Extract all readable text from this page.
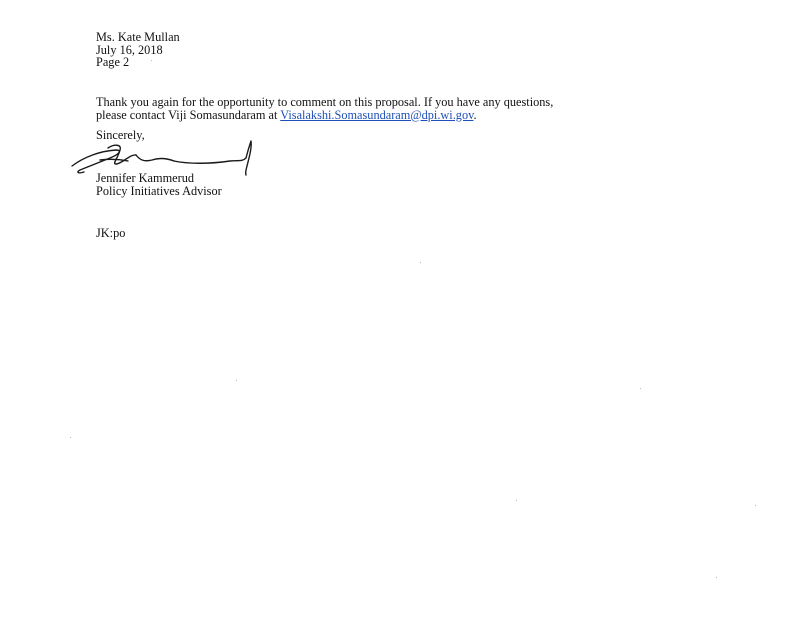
Ms. Kate Mullan
July 16, 2018
Page 2
Thank you again for the opportunity to comment on this proposal. If you have any questions,
please contact Viji Somasundaram at Visalakshi.Somasundaram@dpi.wi.gov.
Sincerely,
Jennifer Kammerud
Policy Initiatives Advisor
JK:po
